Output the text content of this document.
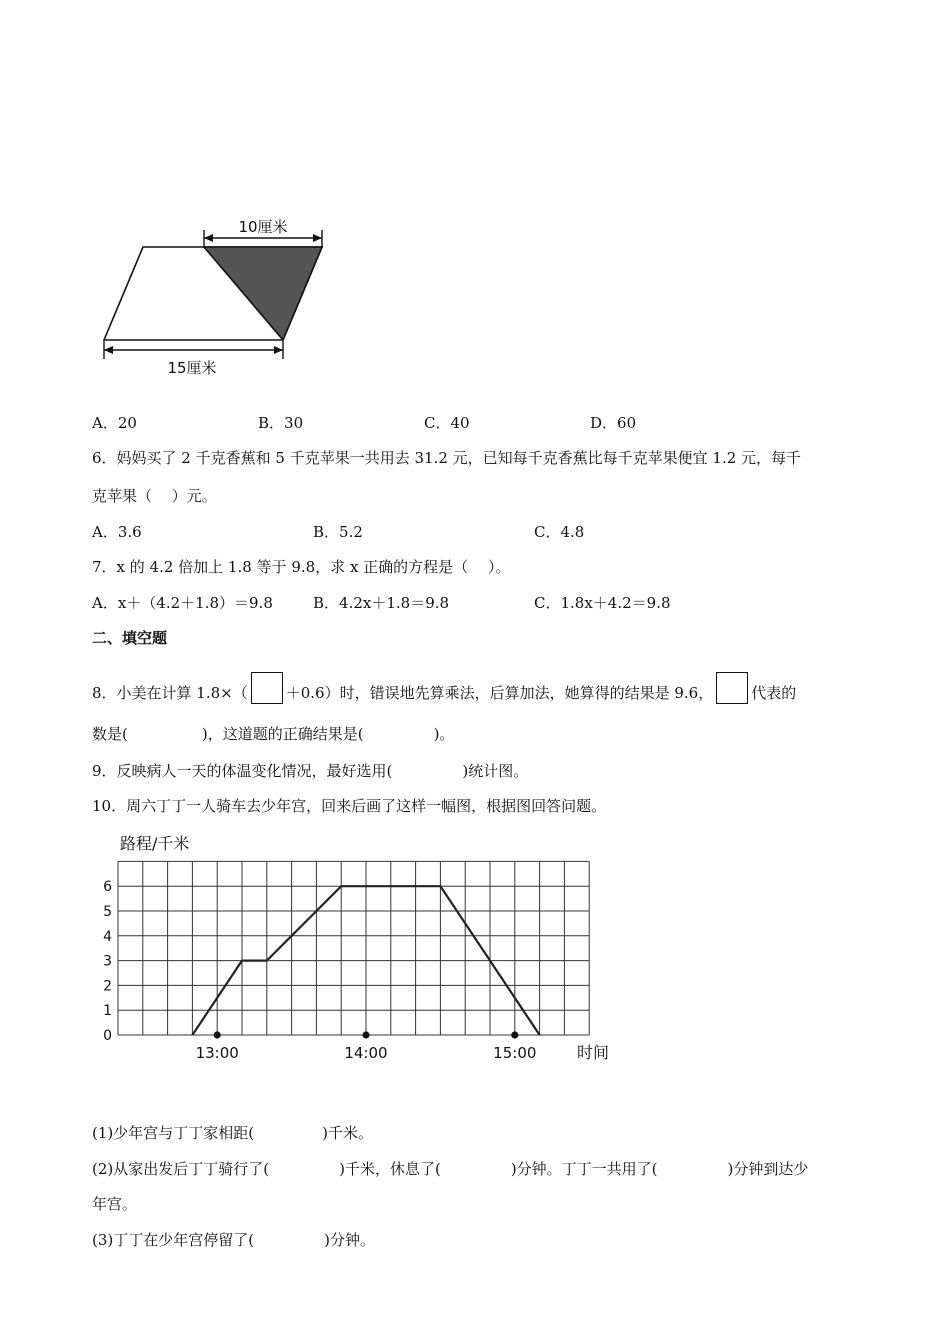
10厘米
15厘米
A．20	B．30	C．40	D．60
6．妈妈买了 2 千克香蕉和 5 千克苹果一共用去 31.2 元，已知每千克香蕉比每千克苹果便宜 1.2 元，每千
克苹果（　 ）元。
A．3.6	B．5.2	C．4.8
7．x 的 4.2 倍加上 1.8 等于 9.8，求 x 正确的方程是（　 ）。
A．x＋（4.2＋1.8）＝9.8	B．4.2x＋1.8＝9.8	C．1.8x＋4.2＝9.8
二、填空题
8．小美在计算 1.8×（	＋0.6）时，错误地先算乘法，后算加法，她算得的结果是 9.6，	代表的
数是(	)，这道题的正确结果是(	)。
9．反映病人一天的体温变化情况，最好选用(	)统计图。
10．周六丁丁一人骑车去少年宫，回来后画了这样一幅图，根据图回答问题。
路程/千米
时间
0
1
2
3
4
5
6
13:00	14:00	15:00
(1)少年宫与丁丁家相距(	)千米。
(2)从家出发后丁丁骑行了(	)千米，休息了(	)分钟。丁丁一共用了(	)分钟到达少
年宫。
(3)丁丁在少年宫停留了(	)分钟。
